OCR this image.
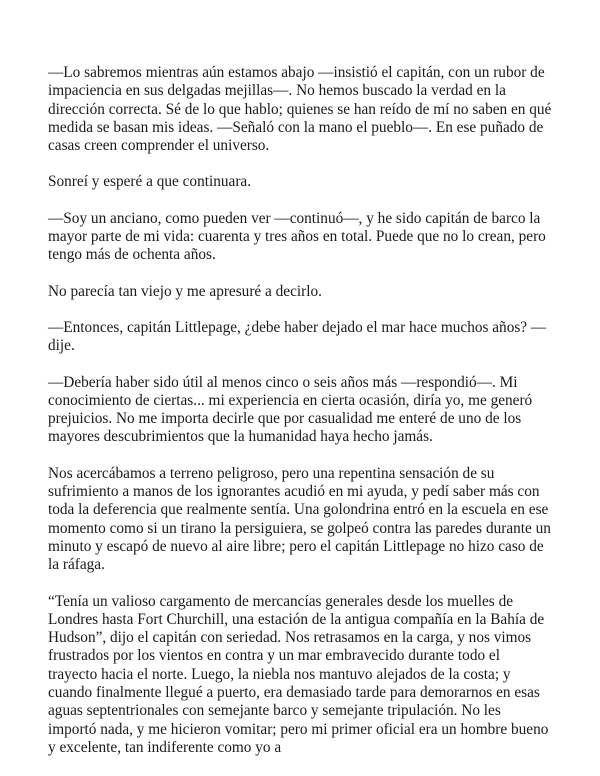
—Lo sabremos mientras aún estamos abajo —insistió el capitán, con un rubor de impaciencia en sus delgadas mejillas—. No hemos buscado la verdad en la dirección correcta. Sé de lo que hablo; quienes se han reído de mí no saben en qué medida se basan mis ideas. —Señaló con la mano el pueblo—. En ese puñado de casas creen comprender el universo.

Sonreí y esperé a que continuara.

—Soy un anciano, como pueden ver —continuó—, y he sido capitán de barco la mayor parte de mi vida: cuarenta y tres años en total. Puede que no lo crean, pero tengo más de ochenta años.

No parecía tan viejo y me apresuré a decirlo.

—Entonces, capitán Littlepage, ¿debe haber dejado el mar hace muchos años? —dije.

—Debería haber sido útil al menos cinco o seis años más —respondió—. Mi conocimiento de ciertas... mi experiencia en cierta ocasión, diría yo, me generó prejuicios. No me importa decirle que por casualidad me enteré de uno de los mayores descubrimientos que la humanidad haya hecho jamás.

Nos acercábamos a terreno peligroso, pero una repentina sensación de su sufrimiento a manos de los ignorantes acudió en mi ayuda, y pedí saber más con toda la deferencia que realmente sentía. Una golondrina entró en la escuela en ese momento como si un tirano la persiguiera, se golpeó contra las paredes durante un minuto y escapó de nuevo al aire libre; pero el capitán Littlepage no hizo caso de la ráfaga.

“Tenía un valioso cargamento de mercancías generales desde los muelles de Londres hasta Fort Churchill, una estación de la antigua compañía en la Bahía de Hudson”, dijo el capitán con seriedad. Nos retrasamos en la carga, y nos vimos frustrados por los vientos en contra y un mar embravecido durante todo el trayecto hacia el norte. Luego, la niebla nos mantuvo alejados de la costa; y cuando finalmente llegué a puerto, era demasiado tarde para demorarnos en esas aguas septentrionales con semejante barco y semejante tripulación. No les importó nada, y me hicieron vomitar; pero mi primer oficial era un hombre bueno y excelente, tan indiferente como yo a
